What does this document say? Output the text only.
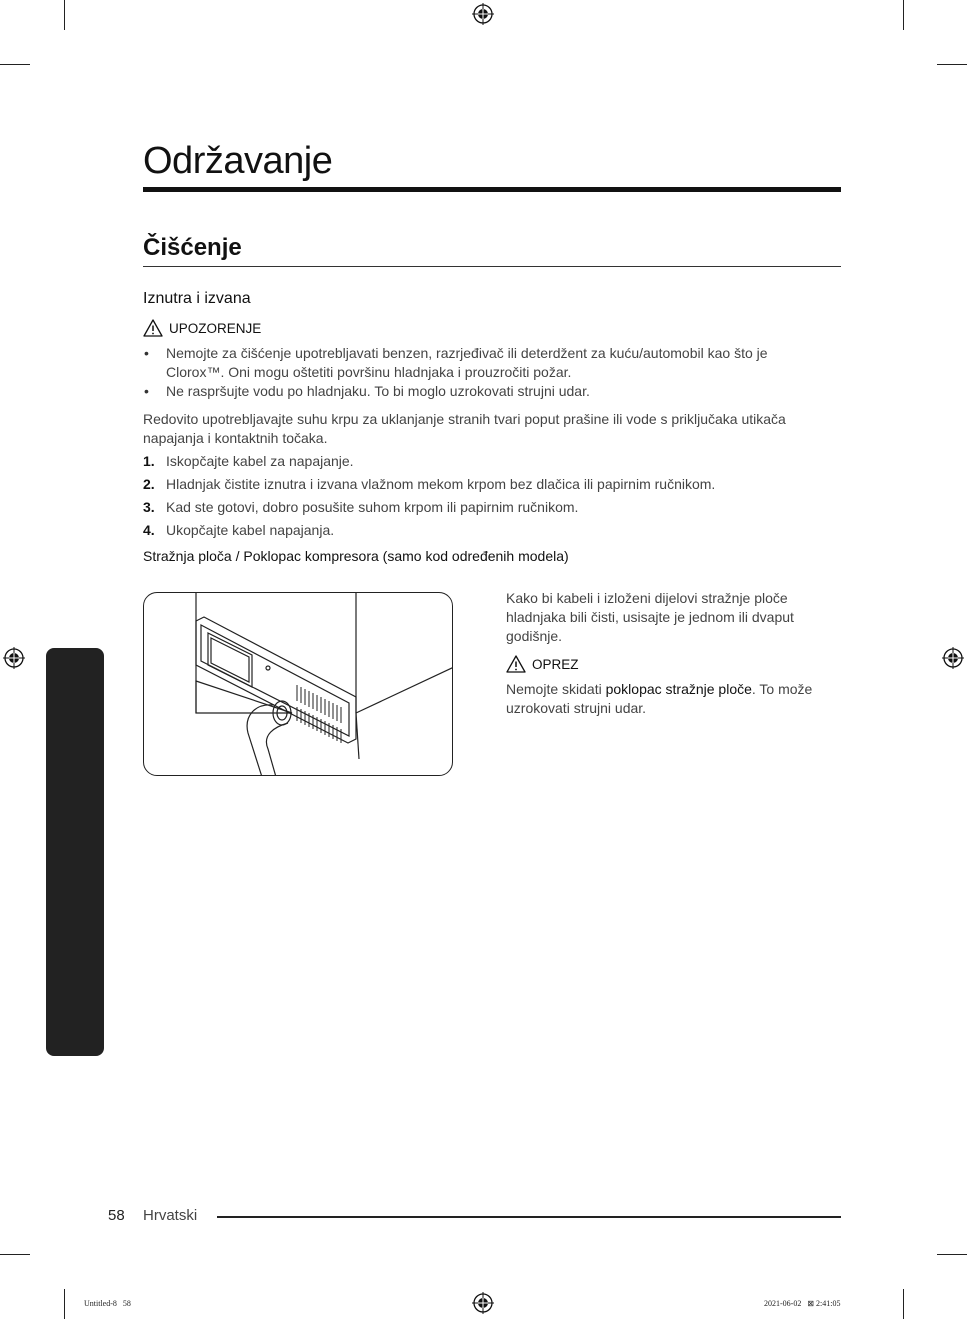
Održavanje
Čišćenje
Iznutra i izvana
UPOZORENJE
• Nemojte za čišćenje upotrebljavati benzen, razrjeđivač ili deterdžent za kuću/automobil kao što je Clorox™. Oni mogu oštetiti površinu hladnjaka i prouzročiti požar.
• Ne raspršujte vodu po hladnjaku. To bi moglo uzrokovati strujni udar.

Redovito upotrebljavajte suhu krpu za uklanjanje stranih tvari poput prašine ili vode s priključaka utikača napajanja i kontaktnih točaka.

1. Iskopčajte kabel za napajanje.
2. Hladnjak čistite iznutra i izvana vlažnom mekom krpom bez dlačica ili papirnim ručnikom.
3. Kad ste gotovi, dobro posušite suhom krpom ili papirnim ručnikom.
4. Ukopčajte kabel napajanja.
Stražnja ploča / Poklopac kompresora (samo kod određenih modela)

Kako bi kabeli i izloženi dijelovi stražnje ploče hladnjaka bili čisti, usisajte je jednom ili dvaput godišnje.

OPREZ

Nemojte skidati poklopac stražnje ploče. To može uzrokovati strujni udar.

Održavanje
58 Hrvatski
Untitled-8   58	2021-06-02   ⊠ 2:41:05
